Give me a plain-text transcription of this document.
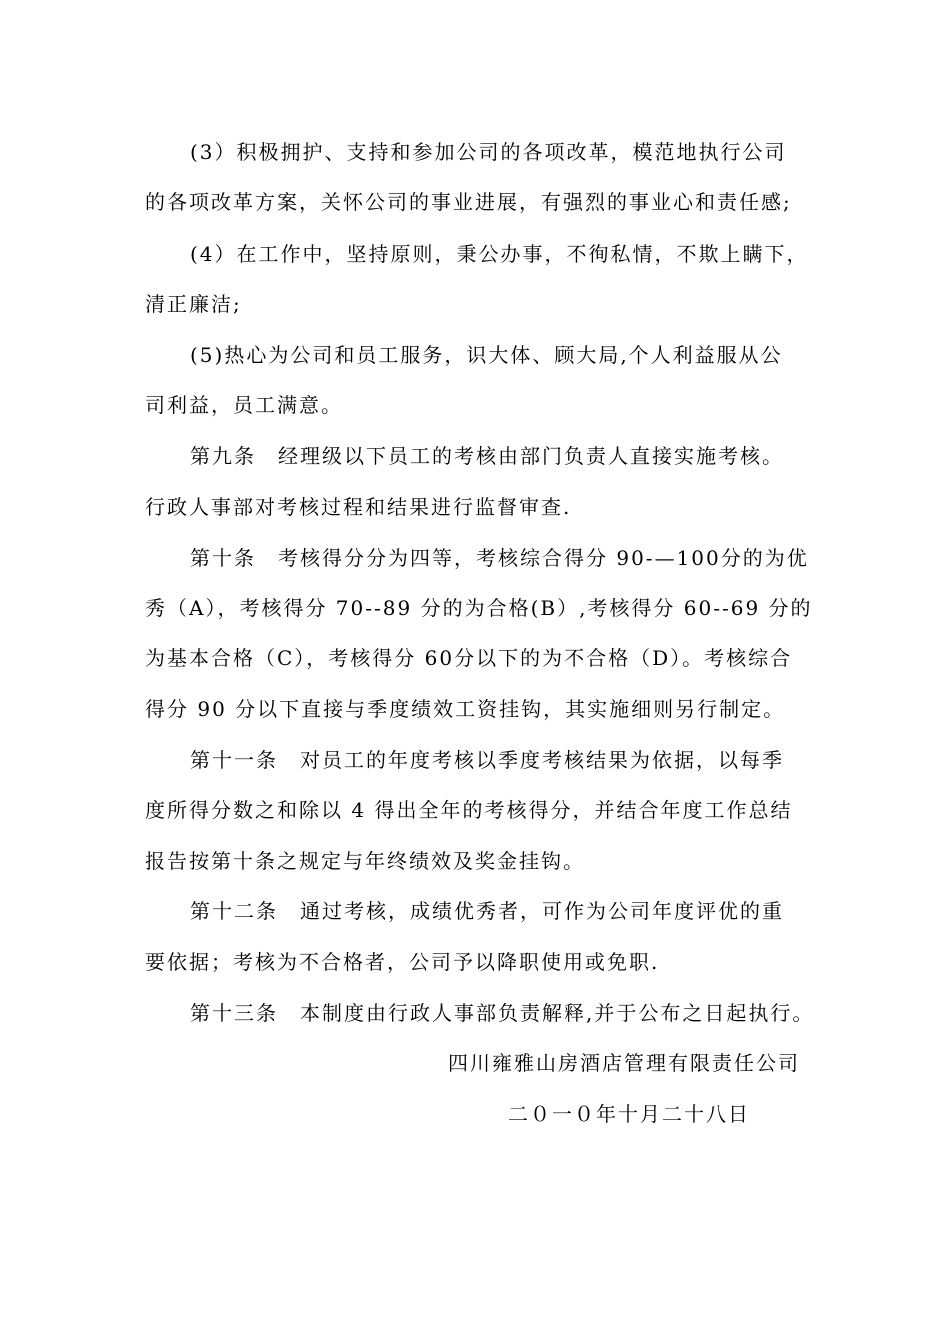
(3）积极拥护、支持和参加公司的各项改革，模范地执行公司
的各项改革方案，关怀公司的事业进展，有强烈的事业心和责任感;
(4）在工作中，坚持原则，秉公办事，不徇私情，不欺上瞒下，
清正廉洁;
(5)热心为公司和员工服务，识大体、顾大局,个人利益服从公
司利益，员工满意。
第九条　经理级以下员工的考核由部门负责人直接实施考核。
行政人事部对考核过程和结果进行监督审查.
第十条　考核得分分为四等，考核综合得分 90-—100分的为优
秀（A），考核得分 70--89 分的为合格(B）,考核得分 60--69 分的
为基本合格（C），考核得分 60分以下的为不合格（D）。考核综合
得分 90 分以下直接与季度绩效工资挂钩，其实施细则另行制定。
第十一条　对员工的年度考核以季度考核结果为依据，以每季
度所得分数之和除以 4 得出全年的考核得分，并结合年度工作总结
报告按第十条之规定与年终绩效及奖金挂钩。
第十二条　通过考核，成绩优秀者，可作为公司年度评优的重
要依据；考核为不合格者，公司予以降职使用或免职.
第十三条　本制度由行政人事部负责解释,并于公布之日起执行。
四川雍雅山房酒店管理有限责任公司
二０一０年十月二十八日
